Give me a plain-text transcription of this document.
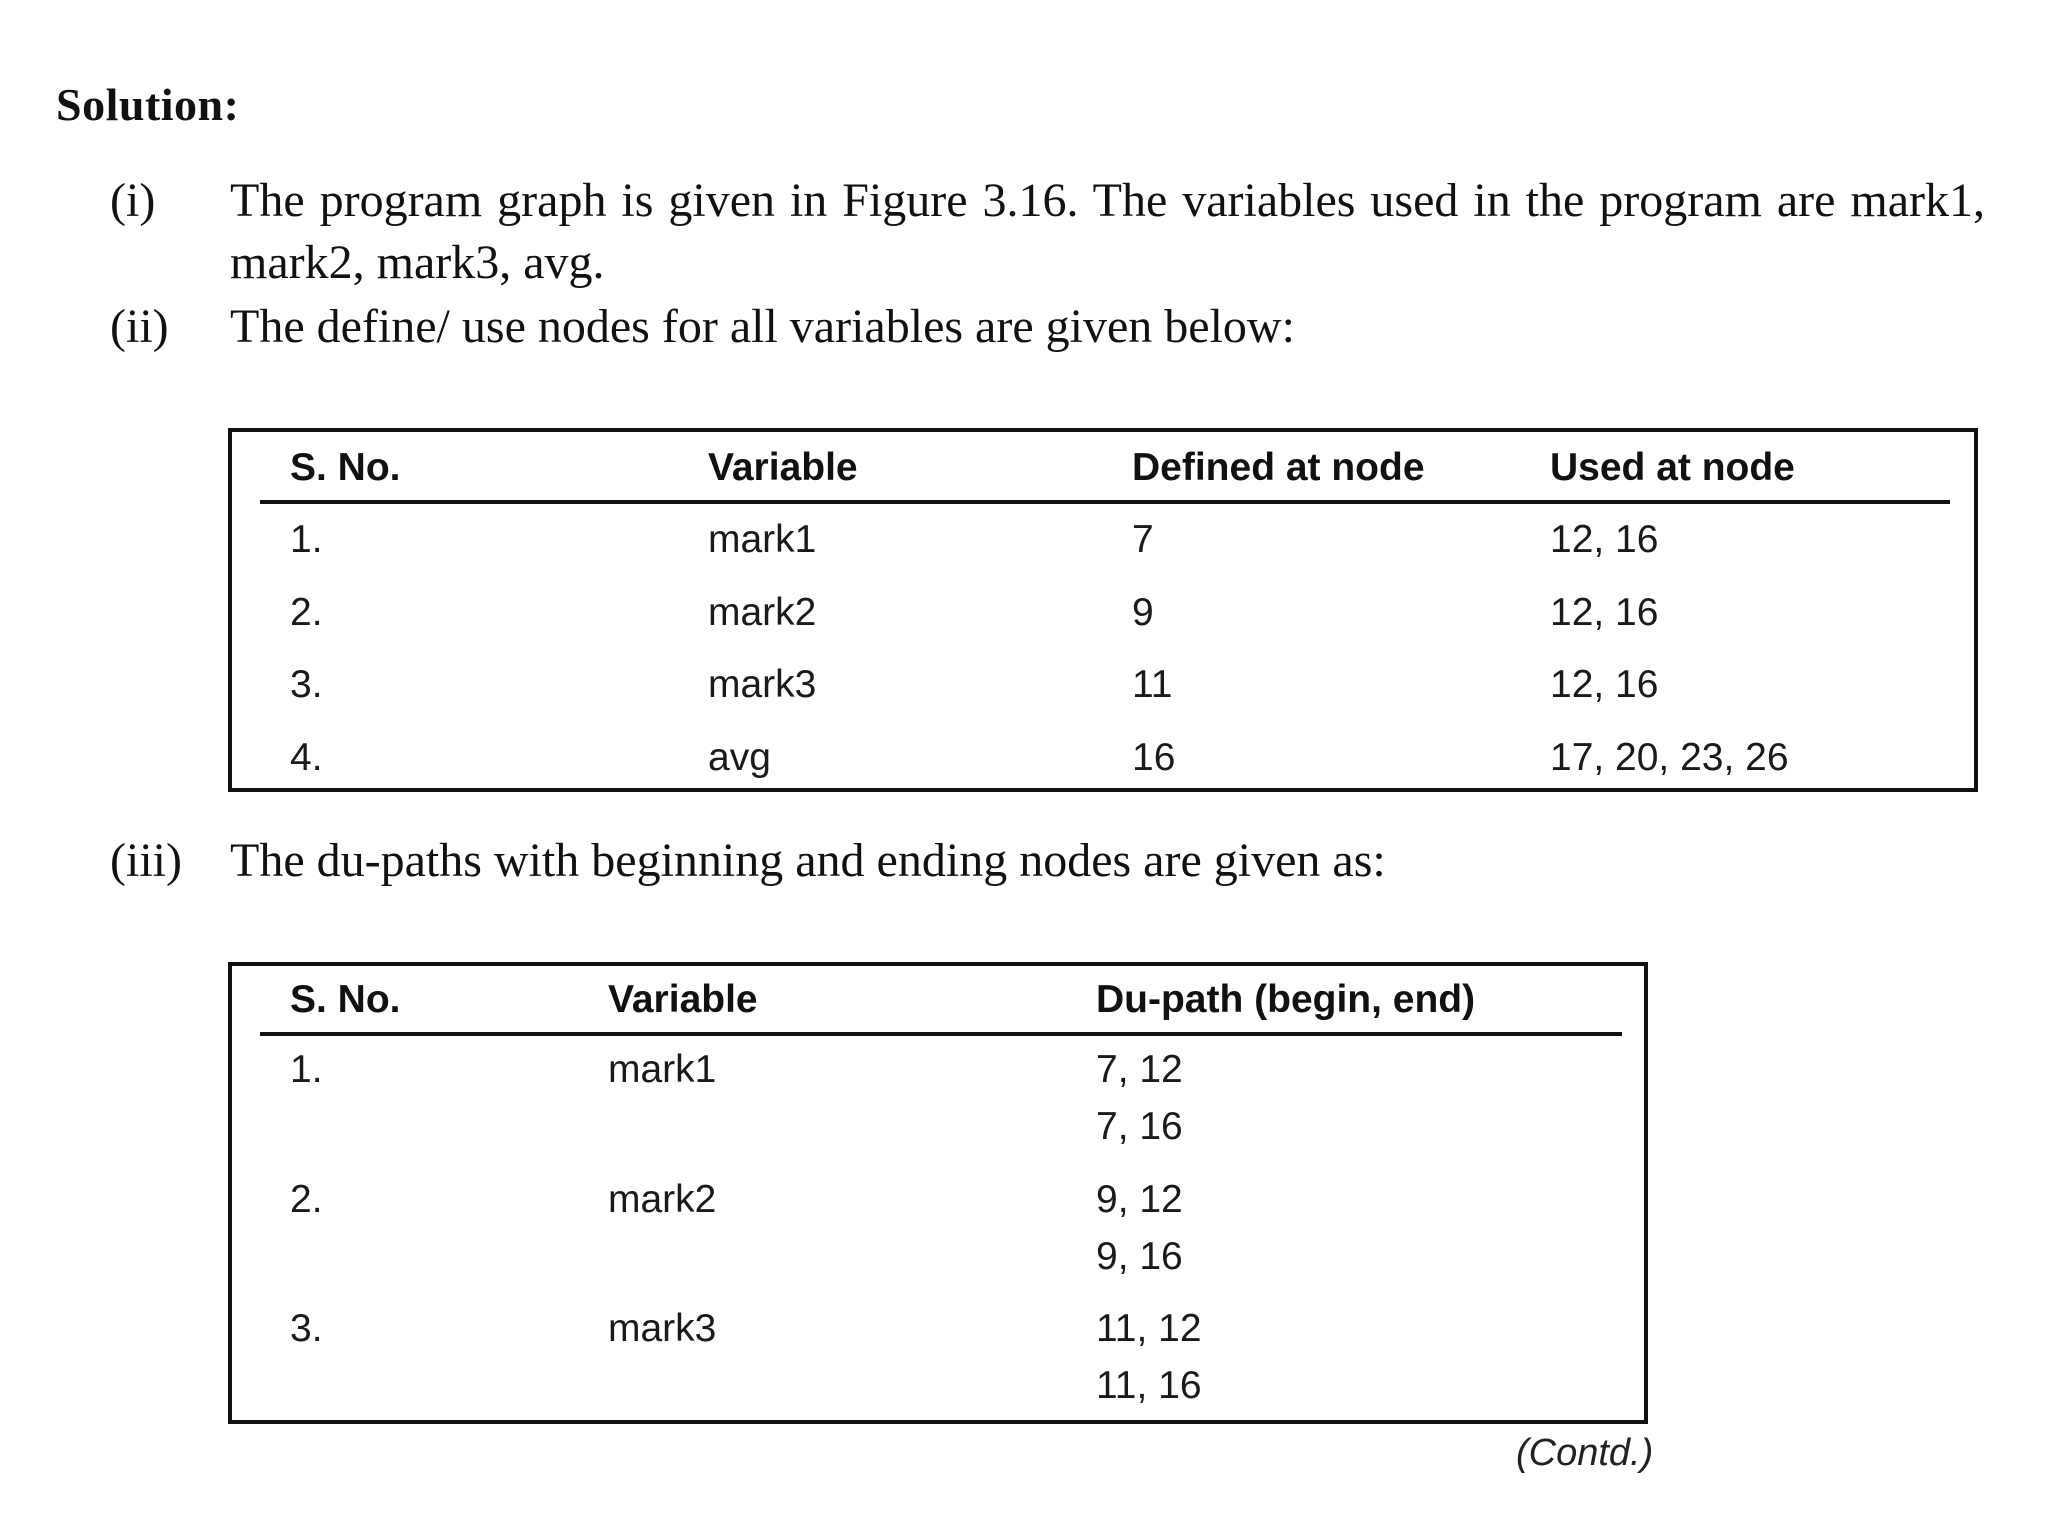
Solution:
(i)	The program graph is given in Figure 3.16. The variables used in the program are mark1, mark2, mark3, avg.
(ii)	The define/ use nodes for all variables are given below:
S. No.	Variable	Defined at node	Used at node
1.	mark1	7	12, 16
2.	mark2	9	12, 16
3.	mark3	11	12, 16
4.	avg	16	17, 20, 23, 26
(iii)	The du-paths with beginning and ending nodes are given as:
S. No.	Variable	Du-path (begin, end)
1.	mark1	7, 12
7, 16
2.	mark2	9, 12
9, 16
3.	mark3	11, 12
11, 16
(Contd.)
